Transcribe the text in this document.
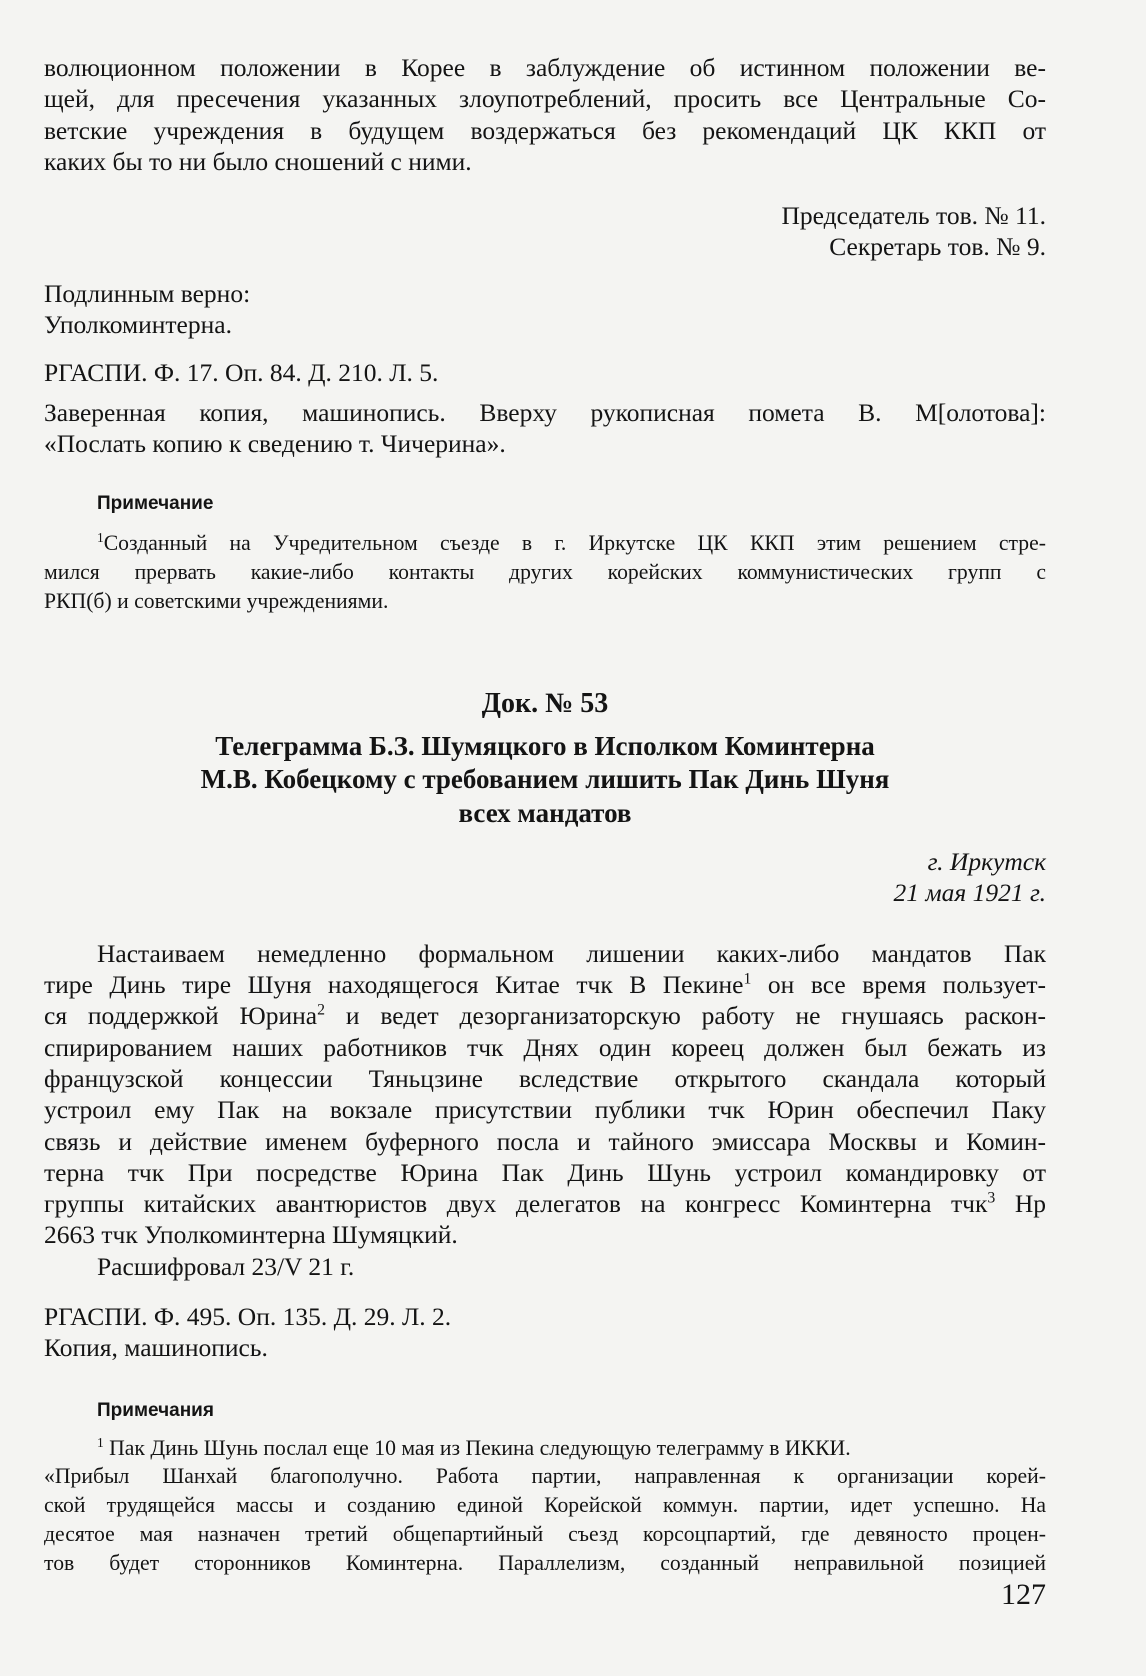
волюционном положении в Корее в заблуждение об истинном положении ве-

щей, для пресечения указанных злоупотреблений, просить все Центральные Со-

ветские учреждения в будущем воздержаться без рекомендаций ЦК ККП от

каких бы то ни было сношений с ними.

Председатель тов. № 11.

Секретарь тов. № 9.

Подлинным верно:

Уполкоминтерна.

РГАСПИ. Ф. 17. Оп. 84. Д. 210. Л. 5.

Заверенная копия, машинопись. Вверху рукописная помета В. М[олотова]:

«Послать копию к сведению т. Чичерина».

Примечание

$^1$Созданный на Учредительном съезде в г. Иркутске ЦК ККП этим решением стре-

мился прервать какие-либо контакты других корейских коммунистических групп с

РКП(б) и советскими учреждениями.

Док. № 53

Телеграмма Б.З. Шумяцкого в Исполком Коминтерна

М.В. Кобецкому с требованием лишить Пак Динь Шуня

всех мандатов

г. Иркутск

21 мая 1921 г.

Настаиваем немедленно формальном лишении каких-либо мандатов Пак

тире Динь тире Шуня находящегося Китае тчк В Пекине$^1$ он все время пользует-

ся поддержкой Юрина$^2$ и ведет дезорганизаторскую работу не гнушаясь раскон-

спирированием наших работников тчк Днях один кореец должен был бежать из

французской концессии Тяньцзине вследствие открытого скандала который

устроил ему Пак на вокзале присутствии публики тчк Юрин обеспечил Паку

связь и действие именем буферного посла и тайного эмиссара Москвы и Комин-

терна тчк При посредстве Юрина Пак Динь Шунь устроил командировку от

группы китайских авантюристов двух делегатов на конгресс Коминтерна тчк$^3$ Нр

2663 тчк Уполкоминтерна Шумяцкий.

Расшифровал 23/V 21 г.

РГАСПИ. Ф. 495. Оп. 135. Д. 29. Л. 2.

Копия, машинопись.

Примечания

$^1$ Пак Динь Шунь послал еще 10 мая из Пекина следующую телеграмму в ИККИ.

«Прибыл Шанхай благополучно. Работа партии, направленная к организации корей-

ской трудящейся массы и созданию единой Корейской коммун. партии, идет успешно. На

десятое мая назначен третий общепартийный съезд корсоцпартий, где девяносто процен-

тов будет сторонников Коминтерна. Параллелизм, созданный неправильной позицией

127
